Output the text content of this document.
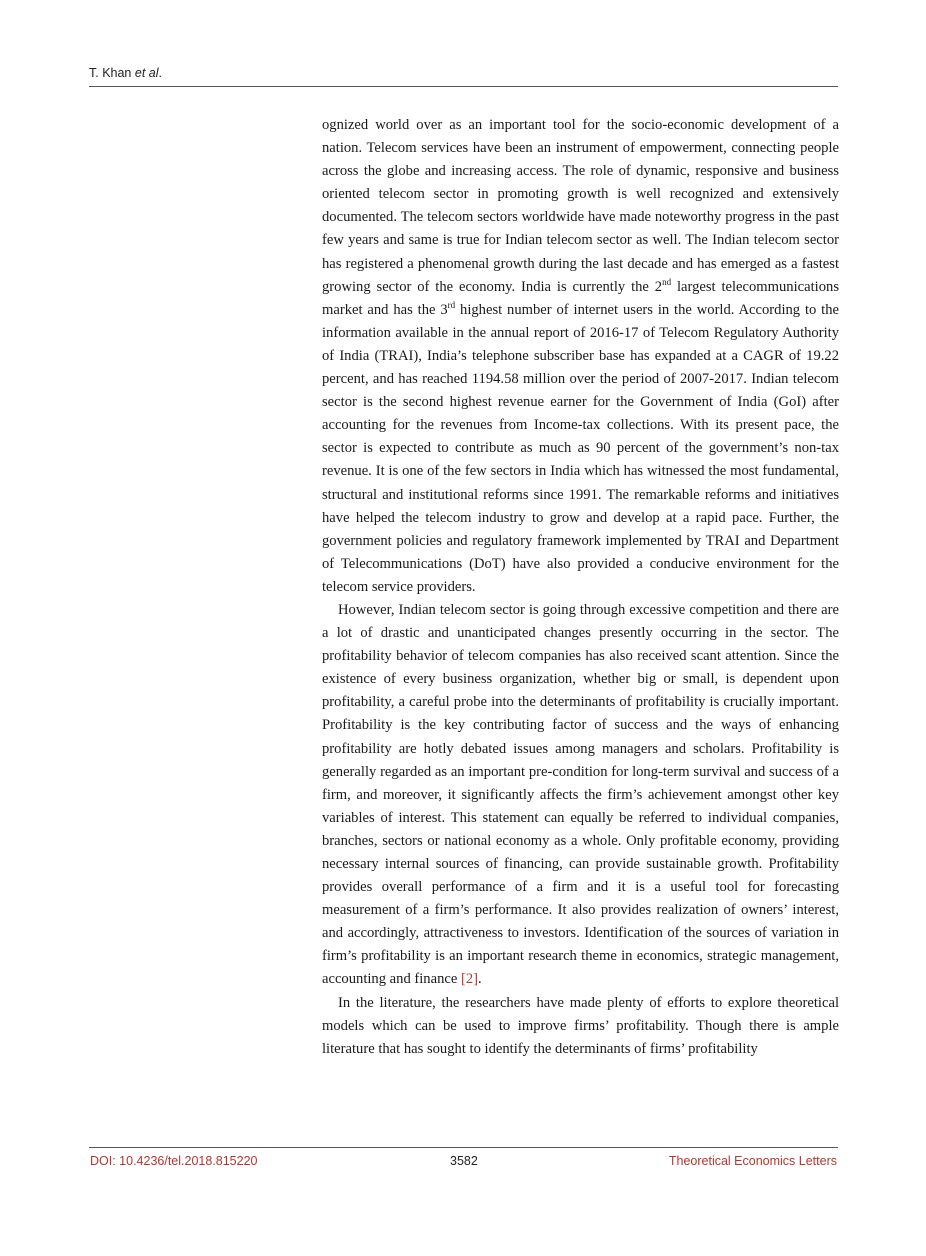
T. Khan et al.

ognized world over as an important tool for the socio-economic development of a nation. Telecom services have been an instrument of empowerment, connecting people across the globe and increasing access. The role of dynamic, responsive and business oriented telecom sector in promoting growth is well recognized and extensively documented. The telecom sectors worldwide have made noteworthy progress in the past few years and same is true for Indian telecom sector as well. The Indian telecom sector has registered a phenomenal growth during the last decade and has emerged as a fastest growing sector of the economy. India is currently the 2nd largest telecommunications market and has the 3rd highest number of internet users in the world. According to the information available in the annual report of 2016-17 of Telecom Regulatory Authority of India (TRAI), India’s telephone subscriber base has expanded at a CAGR of 19.22 percent, and has reached 1194.58 million over the period of 2007-2017. Indian telecom sector is the second highest revenue earner for the Government of India (GoI) after accounting for the revenues from Income-tax collections. With its present pace, the sector is expected to contribute as much as 90 percent of the government’s non-tax revenue. It is one of the few sectors in India which has witnessed the most fundamental, structural and institutional reforms since 1991. The remarkable reforms and initiatives have helped the telecom industry to grow and develop at a rapid pace. Further, the government policies and regulatory framework implemented by TRAI and Department of Telecommunications (DoT) have also provided a conducive environment for the telecom service providers.

However, Indian telecom sector is going through excessive competition and there are a lot of drastic and unanticipated changes presently occurring in the sector. The profitability behavior of telecom companies has also received scant attention. Since the existence of every business organization, whether big or small, is dependent upon profitability, a careful probe into the determinants of profitability is crucially important. Profitability is the key contributing factor of success and the ways of enhancing profitability are hotly debated issues among managers and scholars. Profitability is generally regarded as an important pre-condition for long-term survival and success of a firm, and moreover, it significantly affects the firm’s achievement amongst other key variables of interest. This statement can equally be referred to individual companies, branches, sectors or national economy as a whole. Only profitable economy, providing necessary internal sources of financing, can provide sustainable growth. Profitability provides overall performance of a firm and it is a useful tool for forecasting measurement of a firm’s performance. It also provides realization of owners’ interest, and accordingly, attractiveness to investors. Identification of the sources of variation in firm’s profitability is an important research theme in economics, strategic management, accounting and finance [2].

In the literature, the researchers have made plenty of efforts to explore theoretical models which can be used to improve firms’ profitability. Though there is ample literature that has sought to identify the determinants of firms’ profitability

DOI: 10.4236/tel.2018.815220	3582	Theoretical Economics Letters
